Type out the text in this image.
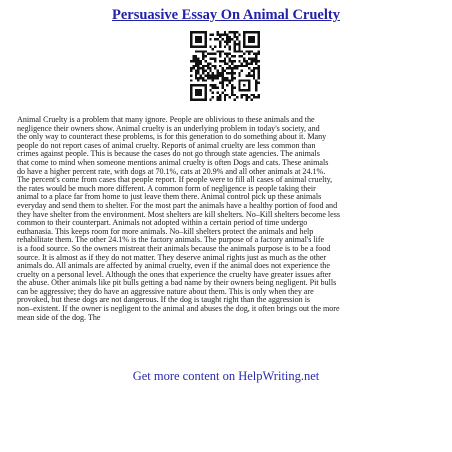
Persuasive Essay On Animal Cruelty

Animal Cruelty is a problem that many ignore. People are oblivious to these animals and the
negligence their owners show. Animal cruelty is an underlying problem in today's society, and
the only way to counteract these problems, is for this generation to do something about it. Many
people do not report cases of animal cruelty. Reports of animal cruelty are less common than
crimes against people. This is because the cases do not go through state agencies. The animals
that come to mind when someone mentions animal cruelty is often Dogs and cats. These animals
do have a higher percent rate, with dogs at 70.1%, cats at 20.9% and all other animals at 24.1%.
The percent's come from cases that people report. If people were to fill all cases of animal cruelty,
the rates would be much more different. A common form of negligence is people taking their
animal to a place far from home to just leave them there. Animal control pick up these animals
everyday and send them to shelter. For the most part the animals have a healthy portion of food and
they have shelter from the environment. Most shelters are kill shelters. No–Kill shelters become less
common to their counterpart. Animals not adopted within a certain period of time undergo
euthanasia. This keeps room for more animals. No–kill shelters protect the animals and help
rehabilitate them. The other 24.1% is the factory animals. The purpose of a factory animal's life
is a food source. So the owners mistreat their animals because the animals purpose is to be a food
source. It is almost as if they do not matter. They deserve animal rights just as much as the other
animals do. All animals are affected by animal cruelty, even if the animal does not experience the
cruelty on a personal level. Although the ones that experience the cruelty have greater issues after
the abuse. Other animals like pit bulls getting a bad name by their owners being negligent. Pit bulls
can be aggressive; they do have an aggressive nature about them. This is only when they are
provoked, but these dogs are not dangerous. If the dog is taught right than the aggression is
non–existent. If the owner is negligent to the animal and abuses the dog, it often brings out the more
mean side of the dog. The

Get more content on HelpWriting.net
